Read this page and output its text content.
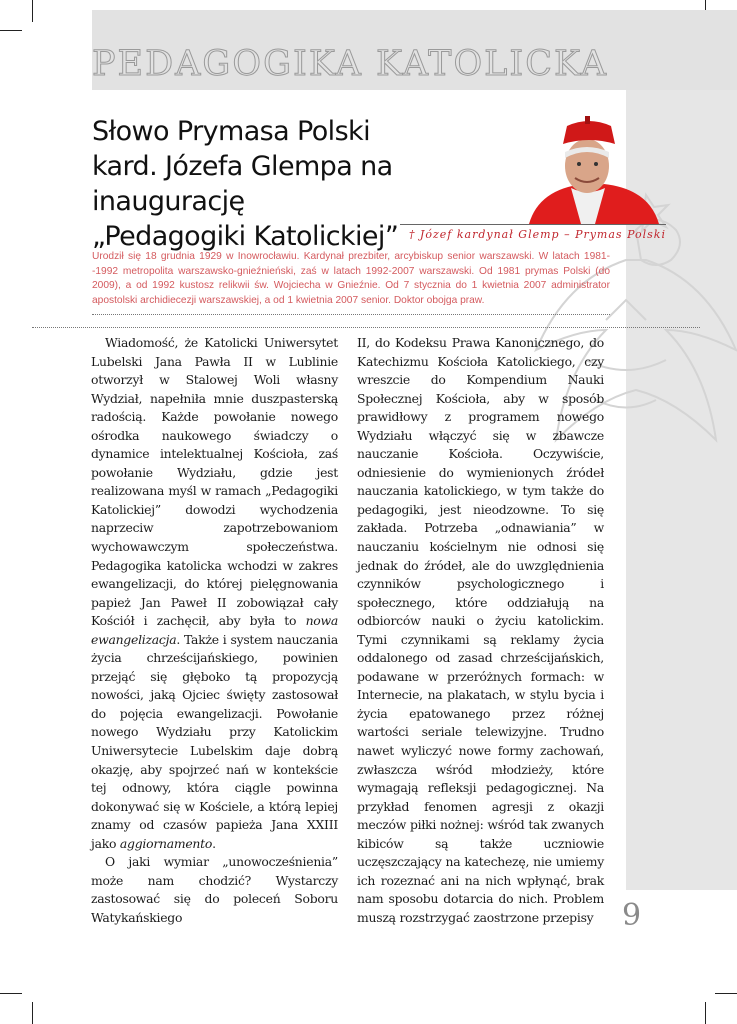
PEDAGOGIKA KATOLICKA
Słowo Prymasa Polski
kard. Józefa Glempa na inaugurację
„Pedagogiki Katolickiej” † Józef kardynał Glemp – Prymas Polski
Urodził się 18 grudnia 1929 w Inowrocławiu. Kardynał prezbiter, arcybiskup senior warszawski. W latach 1981--1992 metropolita warszawsko-gnieźnieński, zaś w latach 1992-2007 warszawski. Od 1981 prymas Polski (do 2009), a od 1992 kustosz relikwii św. Wojciecha w Gnieźnie. Od 7 stycznia do 1 kwietnia 2007 administrator apostolski archidiecezji warszawskiej, a od 1 kwietnia 2007 senior. Doktor obojga praw.

Wiadomość, że Katolicki Uniwersytet Lubelski Jana Pawła II w Lublinie otworzył w Stalowej Woli własny Wydział, napełniła mnie duszpasterską radością. Każde powołanie nowego ośrodka naukowego świadczy o dynamice intelektualnej Kościoła, zaś powołanie Wydziału, gdzie jest realizowana myśl w ramach „Pedagogiki Katolickiej” dowodzi wychodzenia naprzeciw zapotrzebowaniom wychowawczym społeczeństwa. Pedagogika katolicka wchodzi w zakres ewangelizacji, do której pielęgnowania papież Jan Paweł II zobowiązał cały Kościół i zachęcił, aby była to nowa ewangelizacja. Także i system nauczania życia chrześcijańskiego, powinien przejąć się głęboko tą propozycją nowości, jaką Ojciec święty zastosował do pojęcia ewangelizacji. Powołanie nowego Wydziału przy Katolickim Uniwersytecie Lubelskim daje dobrą okazję, aby spojrzeć nań w kontekście tej odnowy, która ciągle powinna dokonywać się w Kościele, a którą lepiej znamy od czasów papieża Jana XXIII jako aggiornamento.

O jaki wymiar „unowocześnienia” może nam chodzić? Wystarczy zastosować się do poleceń Soboru Watykańskiego

II, do Kodeksu Prawa Kanonicznego, do Katechizmu Kościoła Katolickiego, czy wreszcie do Kompendium Nauki Społecznej Kościoła, aby w sposób prawidłowy z programem nowego Wydziału włączyć się w zbawcze nauczanie Kościoła. Oczywiście, odniesienie do wymienionych źródeł nauczania katolickiego, w tym także do pedagogiki, jest nieodzowne. To się zakłada. Potrzeba „odnawiania” w nauczaniu kościelnym nie odnosi się jednak do źródeł, ale do uwzględnienia czynników psychologicznego i społecznego, które oddziałują na odbiorców nauki o życiu katolickim. Tymi czynnikami są reklamy życia oddalonego od zasad chrześcijańskich, podawane w przeróżnych formach: w Internecie, na plakatach, w stylu bycia i życia epatowanego przez różnej wartości seriale telewizyjne. Trudno nawet wyliczyć nowe formy zachowań, zwłaszcza wśród młodzieży, które wymagają refleksji pedagogicznej. Na przykład fenomen agresji z okazji meczów piłki nożnej: wśród tak zwanych kibiców są także uczniowie uczęszczający na katechezę, nie umiemy ich rozeznać ani na nich wpłynąć, brak nam sposobu dotarcia do nich. Problem muszą rozstrzygać zaostrzone przepisy 9
